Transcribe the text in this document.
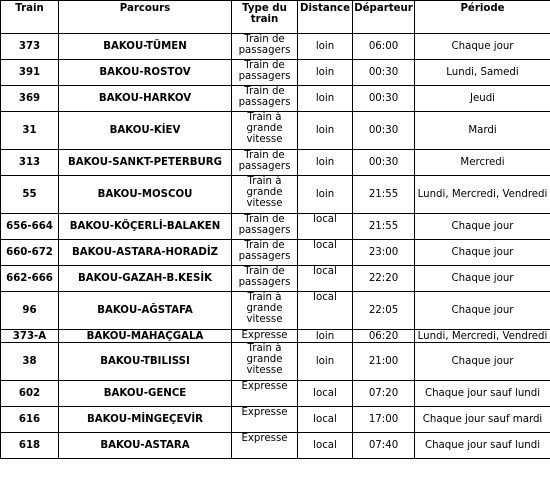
Train	Parcours	Type du train	Distance	Départeur	Période
373	BAKOU-TÜMEN	Train de passagers	loin	06:00	Chaque jour
391	BAKOU-ROSTOV	Train de passagers	loin	00:30	Lundi, Samedi
369	BAKOU-HARKOV	Train de passagers	loin	00:30	Jeudi
31	BAKOU-KİEV	Train à grande vitesse	loin	00:30	Mardi
313	BAKOU-SANKT-PETERBURG	Train de passagers	loin	00:30	Mercredi
55	BAKOU-MOSCOU	Train à grande vitesse	loin	21:55	Lundi, Mercredi, Vendredi
656-664	BAKOU-KÖÇERLİ-BALAKEN	Train de passagers	local	21:55	Chaque jour
660-672	BAKOU-ASTARA-HORADİZ	Train de passagers	local	23:00	Chaque jour
662-666	BAKOU-GAZAH-B.KESİK	Train de passagers	local	22:20	Chaque jour
96	BAKOU-AĞSTAFA	Train à grande vitesse	local	22:05	Chaque jour
373-A	BAKOU-MAHAÇGALA	Expresse	loin	06:20	Lundi, Mercredi, Vendredi
38	BAKOU-TBILISSI	Train à grande vitesse	loin	21:00	Chaque jour
602	BAKOU-GENCE	Expresse	local	07:20	Chaque jour sauf lundi
616	BAKOU-MİNGEÇEVİR	Expresse	local	17:00	Chaque jour sauf mardi
618	BAKOU-ASTARA	Expresse	local	07:40	Chaque jour sauf lundi
